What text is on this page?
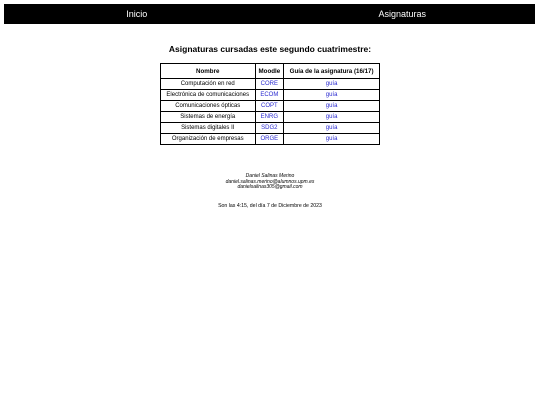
Inicio	Asignaturas
Asignaturas cursadas este segundo cuatrimestre:
Nombre	Moodle	Guía de la asignatura (16/17)
Computación en red	CORE	guía
Electrónica de comunicaciones	ECOM	guía
Comunicaciones ópticas	COPT	guía
Sistemas de energía	ENRG	guía
Sistemas digitales II	SDG2	guía
Organización de empresas	ORGE	guía
Daniel Salinas Merino
daniel.salinas.merino@alumnos.upm.es
danielsalinas305@gmail.com
Son las 4:15, del día 7 de Diciembre de 2023
